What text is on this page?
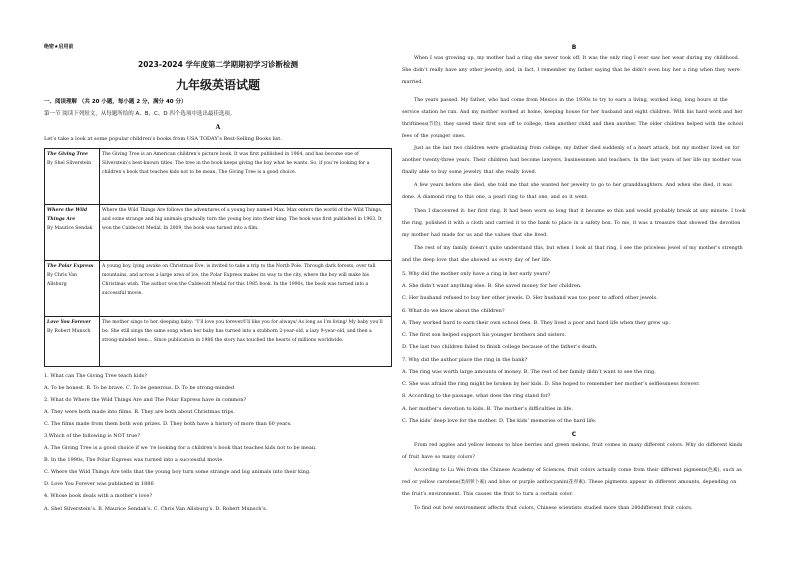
绝密★启用前
2023-2024 学年度第二学期期初学习诊断检测
九年级英语试题
一、阅读理解 （共 20 小题，每小题 2 分，满分 40 分）
第一节 阅读下列短文，从每题所给的 A、B、C、D 四个选项中选出最佳选项。
A
Let’s take a look at some popular children’s books from USA TODAY’s Best-Selling Books list.
The Giving Tree
By Shel Silverstein	The Giving Tree is an American children’s picture book. It was first published in 1964, and has become one of Silverstein’s best-known titles. The tree in the book keeps giving the boy what he wants. So, if you’re looking for a children’s book that teaches kids not to be mean, The Giving Tree is a good choice.

Where the Wild Things Are
By Maurice Sendak	Where the Wild Things Are follows the adventures of a young boy named Max. Max enters the world of the Wild Things, and some strange and big animals gradually turn the young boy into their king. The book was first published in 1963. It won the Caldecott Medal. In 2009, the book was turned into a film.

The Polar Express
By Chris Van Allsburg	A young boy, lying awake on Christmas Eve, is invited to take a trip to the North Pole. Through dark forests, over tall mountains, and across a large area of ice, the Polar Express makes its way to the city, where the boy will make his Christmas wish. The author won the Caldecott Medal for this 1985 book. In the 1990s, the book was turned into a successful movie.

Love You Forever
By Robert Munsch	The mother sings to her sleeping baby: “I’ll love you forever/I’ll like you for always/ As long as I’m living/ My baby you’ll be. She still sings the same song when her baby has turned into a stubborn 2-year-old, a lazy 9-year-old, and then a strong-minded teen… Since publication in 1986 the story has touched the hearts of millions worldwide.
1. What can The Giving Tree teach kids?
A. To be honest. B. To be brave. C. To be generous. D. To be strong-minded
2. What do Where the Wild Things Are and The Polar Express have in common?
A. They were both made into films. B. They are both about Christmas trips.
C. The films made from them both won prizes. D. They both have a history of more than 60 years.
3.Which of the following is NOT true?
A. The Giving Tree is a good choice if we ’re looking for a children’s book that teaches kids not to be mean.
B. In the 1990s, The Polar Express was turned into a successful movie.
C. Where the Wild Things Are tells that the young boy turn some strange and big animals into their king.
D. Love You Forever was published in 1886
4. Whose book deals with a mother’s love?
A. Shel Silverstein’s. B. Maurice Sendak’s. C. Chris Van Allsburg’s. D. Robert Munsch’s.
B
When I was growing up, my mother had a ring she never took off. It was the only ring I ever saw her wear during my childhood. She didn’t really have any other jewelry, and, in fact, I remember my father saying that he didn’t even buy her a ring when they were married.
The years passed. My father, who had come from Mexico in the 1930s to try to earn a living, worked long, long hours at the service station he ran. And my mother worked at home, keeping house for her husband and eight children. With his hard work and her thriftiness(节俭), they saved their first son off to college, then another child and then another. The older children helped with the school fees of the younger ones.
Just as the last two children were graduating from college, my father died suddenly of a heart attack, but my mother lived on for another twenty-three years. Their children had become lawyers, businessmen and teachers. In the last years of her life my mother was finally able to buy some jewelry that she really loved.
A few years before she died, she told me that she wanted her jewelry to go to her granddaughters. And when she died, it was done. A diamond ring to this one, a pearl ring to that one, and so it went.
Then I discovered it: her first ring. It had been worn so long that it became so thin and would probably break at any minute. I took the ring, polished it with a cloth and carried it to the bank to place in a safety box. To me, it was a treasure that showed the devotion my mother had made for us and the values that she lived.
The rest of my family doesn’t quite understand this, but when I look at that ring, I see the priceless jewel of my mother’s strength and the deep love that she showed us every day of her life.
5. Why did the mother only have a ring in her early years?
A. She didn’t want anything else. B. She saved money for her children.
C. Her husband refused to buy her other jewels. D. Her husband was too poor to afford other jewels.
6. What do we know about the children?
A. They worked hard to earn their own school fees. B. They lived a poor and hard life when they grew up.
C. The first son helped support his younger brothers and sisters.
D. The last two children failed to finish college because of the father’s death.
7. Why did the author place the ring in the bank?
A. The ring was worth large amounts of money. B. The rest of her family didn’t want to see the ring.
C. She was afraid the ring might be broken by her kids. D. She hoped to remember her mother’s selflessness forever.
8. According to the passage, what does the ring stand for?
A. her mother’s devotion to kids. B. The mother’s difficulties in life.
C. The kids’ deep love for the mother. D. The kids’ memories of the hard life.
C
From red apples and yellow lemons to blue berries and green melons, fruit comes in many different colors. Why do different kinds of fruit have so many colors?
According to Lu Wei from the Chinese Academy of Sciences, fruit colors actually come from their different pigments(色素), such as red or yellow carotene(类胡萝卜素) and blue or purple anthocyanin(花青素). These pigments appear in different amounts, depending on the fruit’s environment. This causes the fruit to turn a certain color.
To find out how environment affects fruit colors, Chinese scientists studied more than 280different fruit colors,
